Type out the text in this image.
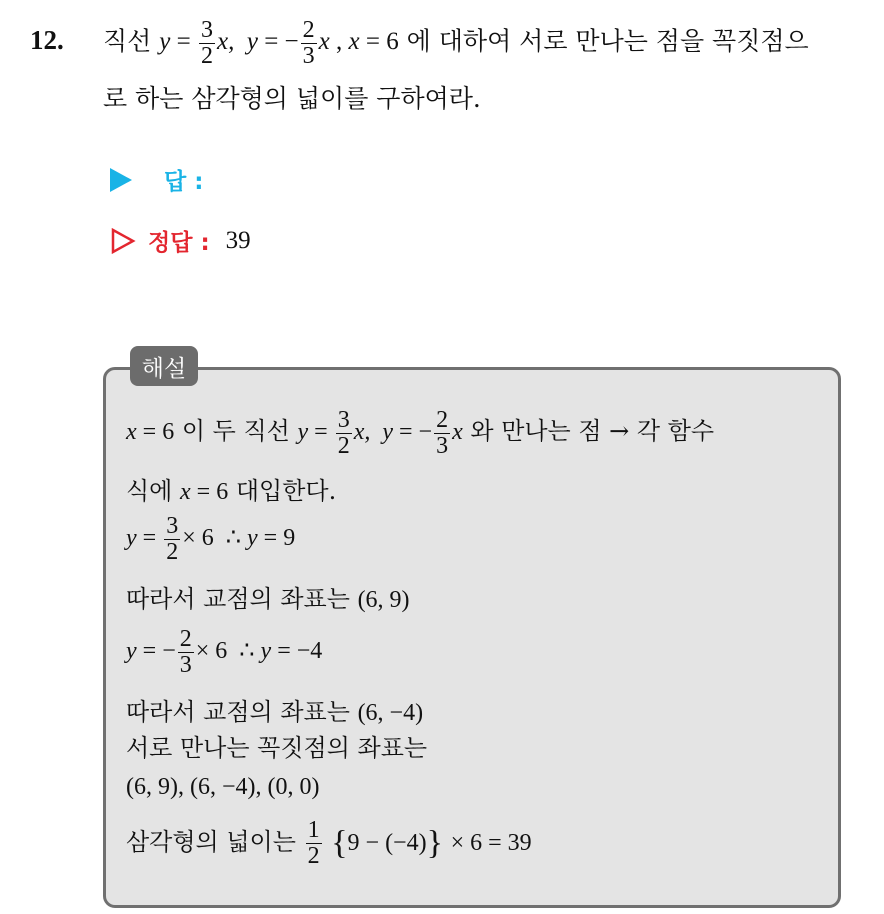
12. 직선 $y = \frac{3}{2} x$,  y = − $\frac{2}{3}$ x , x = 6 에 대하여 서로 만나는 점을 꼭짓점으
로 하는 삼각형의 넓이를 구하여라.
답 :
정답 : 39
해설
x = 6 이 두 직선 $y = \frac{3}{2} x$,  y = − $\frac{2}{3}$ x 와 만나는 점 → 각 함수
식에 x = 6 대입한다.
$y = \frac{3}{2} \times 6$  ∴ y = 9
따라서 교점의 좌표는 (6, 9)
y = − $\frac{2}{3} \times 6$  ∴ y = −4
따라서 교점의 좌표는 (6, −4)
서로 만나는 꼭짓점의 좌표는
(6, 9), (6, −4), (0, 0)
삼각형의 넓이는 $\frac{1}{2} \{9 - (-4)\} \times 6 = 39$
